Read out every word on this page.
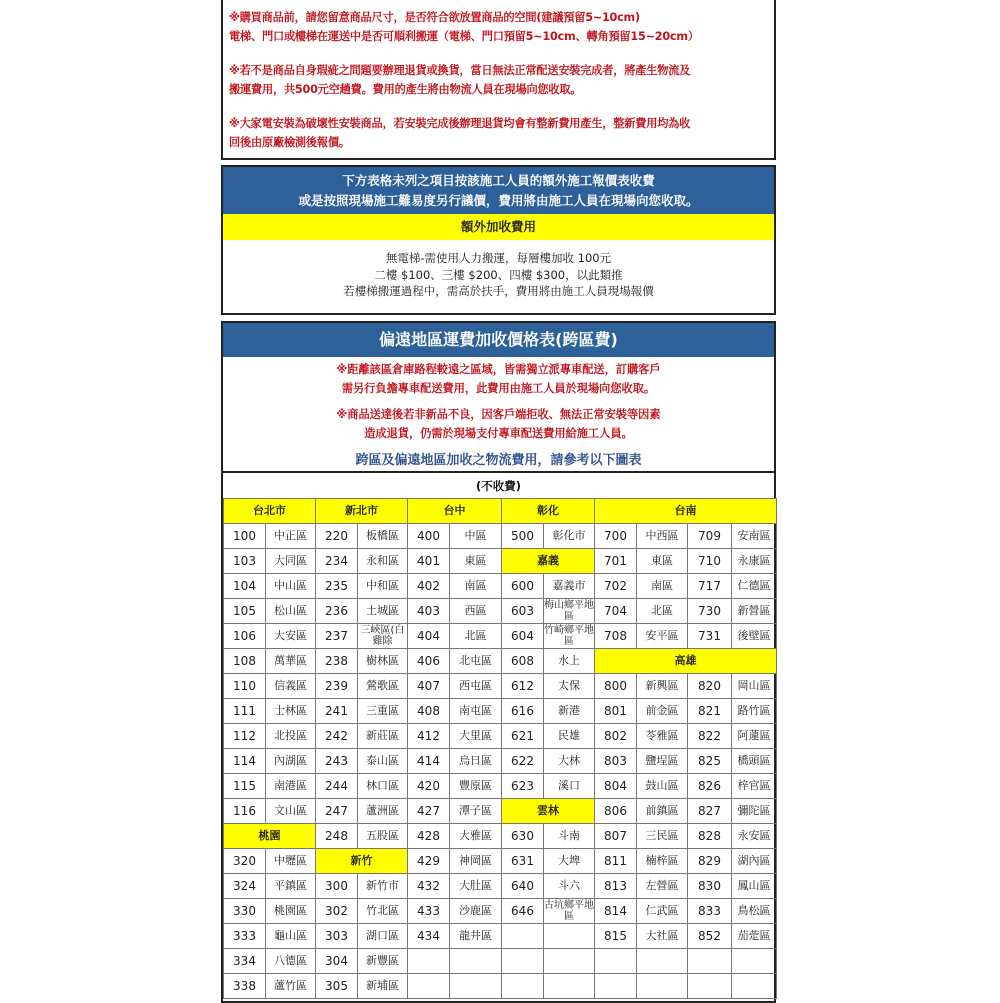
※購買商品前，請您留意商品尺寸，是否符合欲放置商品的空間(建議預留5~10cm)
電梯、門口或樓梯在運送中是否可順利搬運（電梯、門口預留5~10cm、轉角預留15~20cm）

※若不是商品自身瑕疵之問題要辦理退貨或換貨，當日無法正常配送安裝完成者，將產生物流及
搬運費用，共500元空趟費。費用的產生將由物流人員在現場向您收取。

※大家電安裝為破壞性安裝商品，若安裝完成後辦理退貨均會有整新費用產生，整新費用均為收
回後由原廠檢測後報價。

下方表格未列之項目按該施工人員的額外施工報價表收費
或是按照現場施工難易度另行議價，費用將由施工人員在現場向您收取。
額外加收費用
無電梯-需使用人力搬運，每層樓加收 100元
二樓 $100、三樓 $200、四樓 $300，以此類推
若樓梯搬運過程中，需高於扶手，費用將由施工人員現場報價
偏遠地區運費加收價格表(跨區費)

※距離該區倉庫路程較遠之區域，皆需獨立派專車配送，訂購客戶
需另行負擔專車配送費用，此費用由施工人員於現場向您收取。

※商品送達後若非新品不良，因客戶端拒收、無法正常安裝等因素
造成退貨，仍需於現場支付專車配送費用給施工人員。

跨區及偏遠地區加收之物流費用，請參考以下圖表
(不收費)
台北市		新北市		台中		彰化		台南			
100	中正區	220	板橋區	400	中區	500	彰化市	700	中西區	709	安南區
103	大同區	234	永和區	401	東區	嘉義		701	東區	710	永康區
104	中山區	235	中和區	402	南區	600	嘉義市	702	南區	717	仁德區
105	松山區	236	土城區	403	西區	603	梅山鄉平地區	704	北區	730	新營區
106	大安區	237	三峽區(白雞除	404	北區	604	竹崎鄉平地區	708	安平區	731	後壁區
108	萬華區	238	樹林區	406	北屯區	608	水上	高雄			
110	信義區	239	鶯歌區	407	西屯區	612	太保	800	新興區	820	岡山區
111	士林區	241	三重區	408	南屯區	616	新港	801	前金區	821	路竹區
112	北投區	242	新莊區	412	大里區	621	民雄	802	苓雅區	822	阿蓮區
114	內湖區	243	泰山區	414	烏日區	622	大林	803	鹽埕區	825	橋頭區
115	南港區	244	林口區	420	豐原區	623	溪口	804	鼓山區	826	梓官區
116	文山區	247	蘆洲區	427	潭子區	雲林		806	前鎮區	827	彌陀區
桃園		248	五股區	428	大雅區	630	斗南	807	三民區	828	永安區
320	中壢區	新竹		429	神岡區	631	大埤	811	楠梓區	829	湖內區
324	平鎮區	300	新竹市	432	大肚區	640	斗六	813	左營區	830	鳳山區
330	桃園區	302	竹北區	433	沙鹿區	646	古坑鄉平地區	814	仁武區	833	鳥松區
333	龜山區	303	湖口區	434	龍井區			815	大社區	852	茄萣區
334	八德區	304	新豐區								
338	蘆竹區	305	新埔區								
